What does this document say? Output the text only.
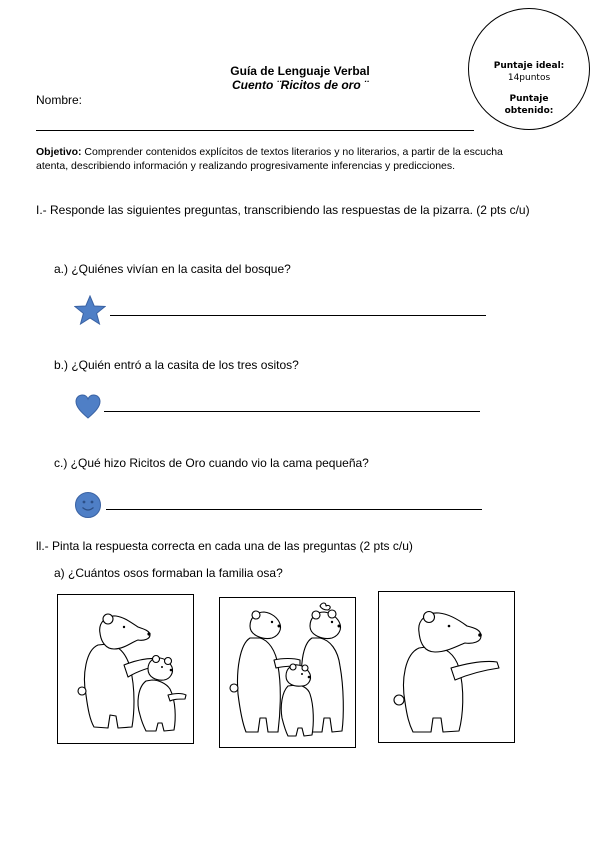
Guía de Lenguaje Verbal
Cuento ¨Ricitos de oro ¨
Puntaje ideal:
14puntos
Puntaje
obtenido:
Nombre:
Objetivo: Comprender contenidos explícitos de textos literarios y no literarios, a partir de la escucha atenta, describiendo información y realizando progresivamente inferencias y predicciones.
I.- Responde las siguientes preguntas, transcribiendo las respuestas de la pizarra. (2 pts c/u)
a.) ¿Quiénes vivían en la casita del bosque?
b.) ¿Quién entró a la casita de los tres ositos?
c.) ¿Qué hizo Ricitos de Oro cuando vio la cama pequeña?
ll.- Pinta la respuesta correcta en cada una de las preguntas (2 pts c/u)
a) ¿Cuántos osos formaban la familia osa?
